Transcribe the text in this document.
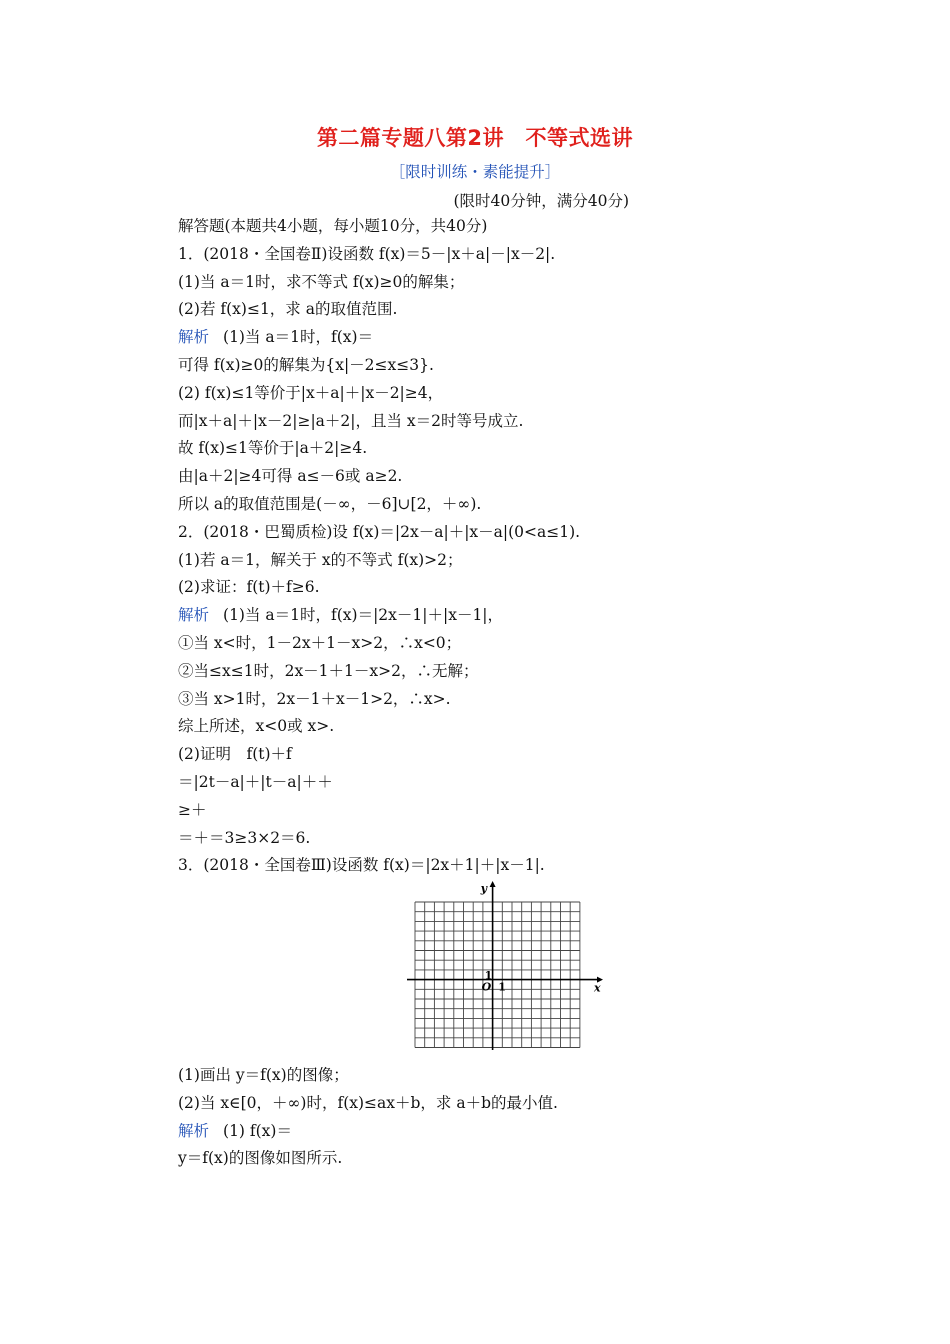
第二篇专题八第2讲　不等式选讲
［限时训练・素能提升］
(限时40分钟，满分40分)
解答题(本题共4小题，每小题10分，共40分)
1．(2018・全国卷Ⅱ)设函数 f(x)＝5－|x＋a|－|x－2|.
(1)当 a＝1时，求不等式 f(x)≥0的解集；
(2)若 f(x)≤1，求 a的取值范围.
解析 (1)当 a＝1时，f(x)＝
可得 f(x)≥0的解集为{x|－2≤x≤3}.
(2) f(x)≤1等价于|x＋a|＋|x－2|≥4，
而|x＋a|＋|x－2|≥|a＋2|，且当 x＝2时等号成立.
故 f(x)≤1等价于|a＋2|≥4.
由|a＋2|≥4可得 a≤－6或 a≥2.
所以 a的取值范围是(－∞，－6]∪[2，＋∞).
2．(2018・巴蜀质检)设 f(x)＝|2x－a|＋|x－a|(0<a≤1).
(1)若 a＝1，解关于 x的不等式 f(x)>2；
(2)求证：f(t)＋f≥6.
解析 (1)当 a＝1时，f(x)＝|2x－1|＋|x－1|，
①当 x<时，1－2x＋1－x>2，∴x<0；
②当≤x≤1时，2x－1＋1－x>2，∴无解；
③当 x>1时，2x－1＋x－1>2，∴x>.
综上所述，x<0或 x>.
(2)证明　f(t)＋f
＝|2t－a|＋|t－a|＋＋
≥＋
＝＋＝3≥3×2＝6.
3．(2018・全国卷Ⅲ)设函数 f(x)＝|2x＋1|＋|x－1|.
y
x
O 1
1
(1)画出 y＝f(x)的图像；
(2)当 x∈[0，＋∞)时，f(x)≤ax＋b，求 a＋b的最小值.
解析 (1) f(x)＝
y＝f(x)的图像如图所示.
